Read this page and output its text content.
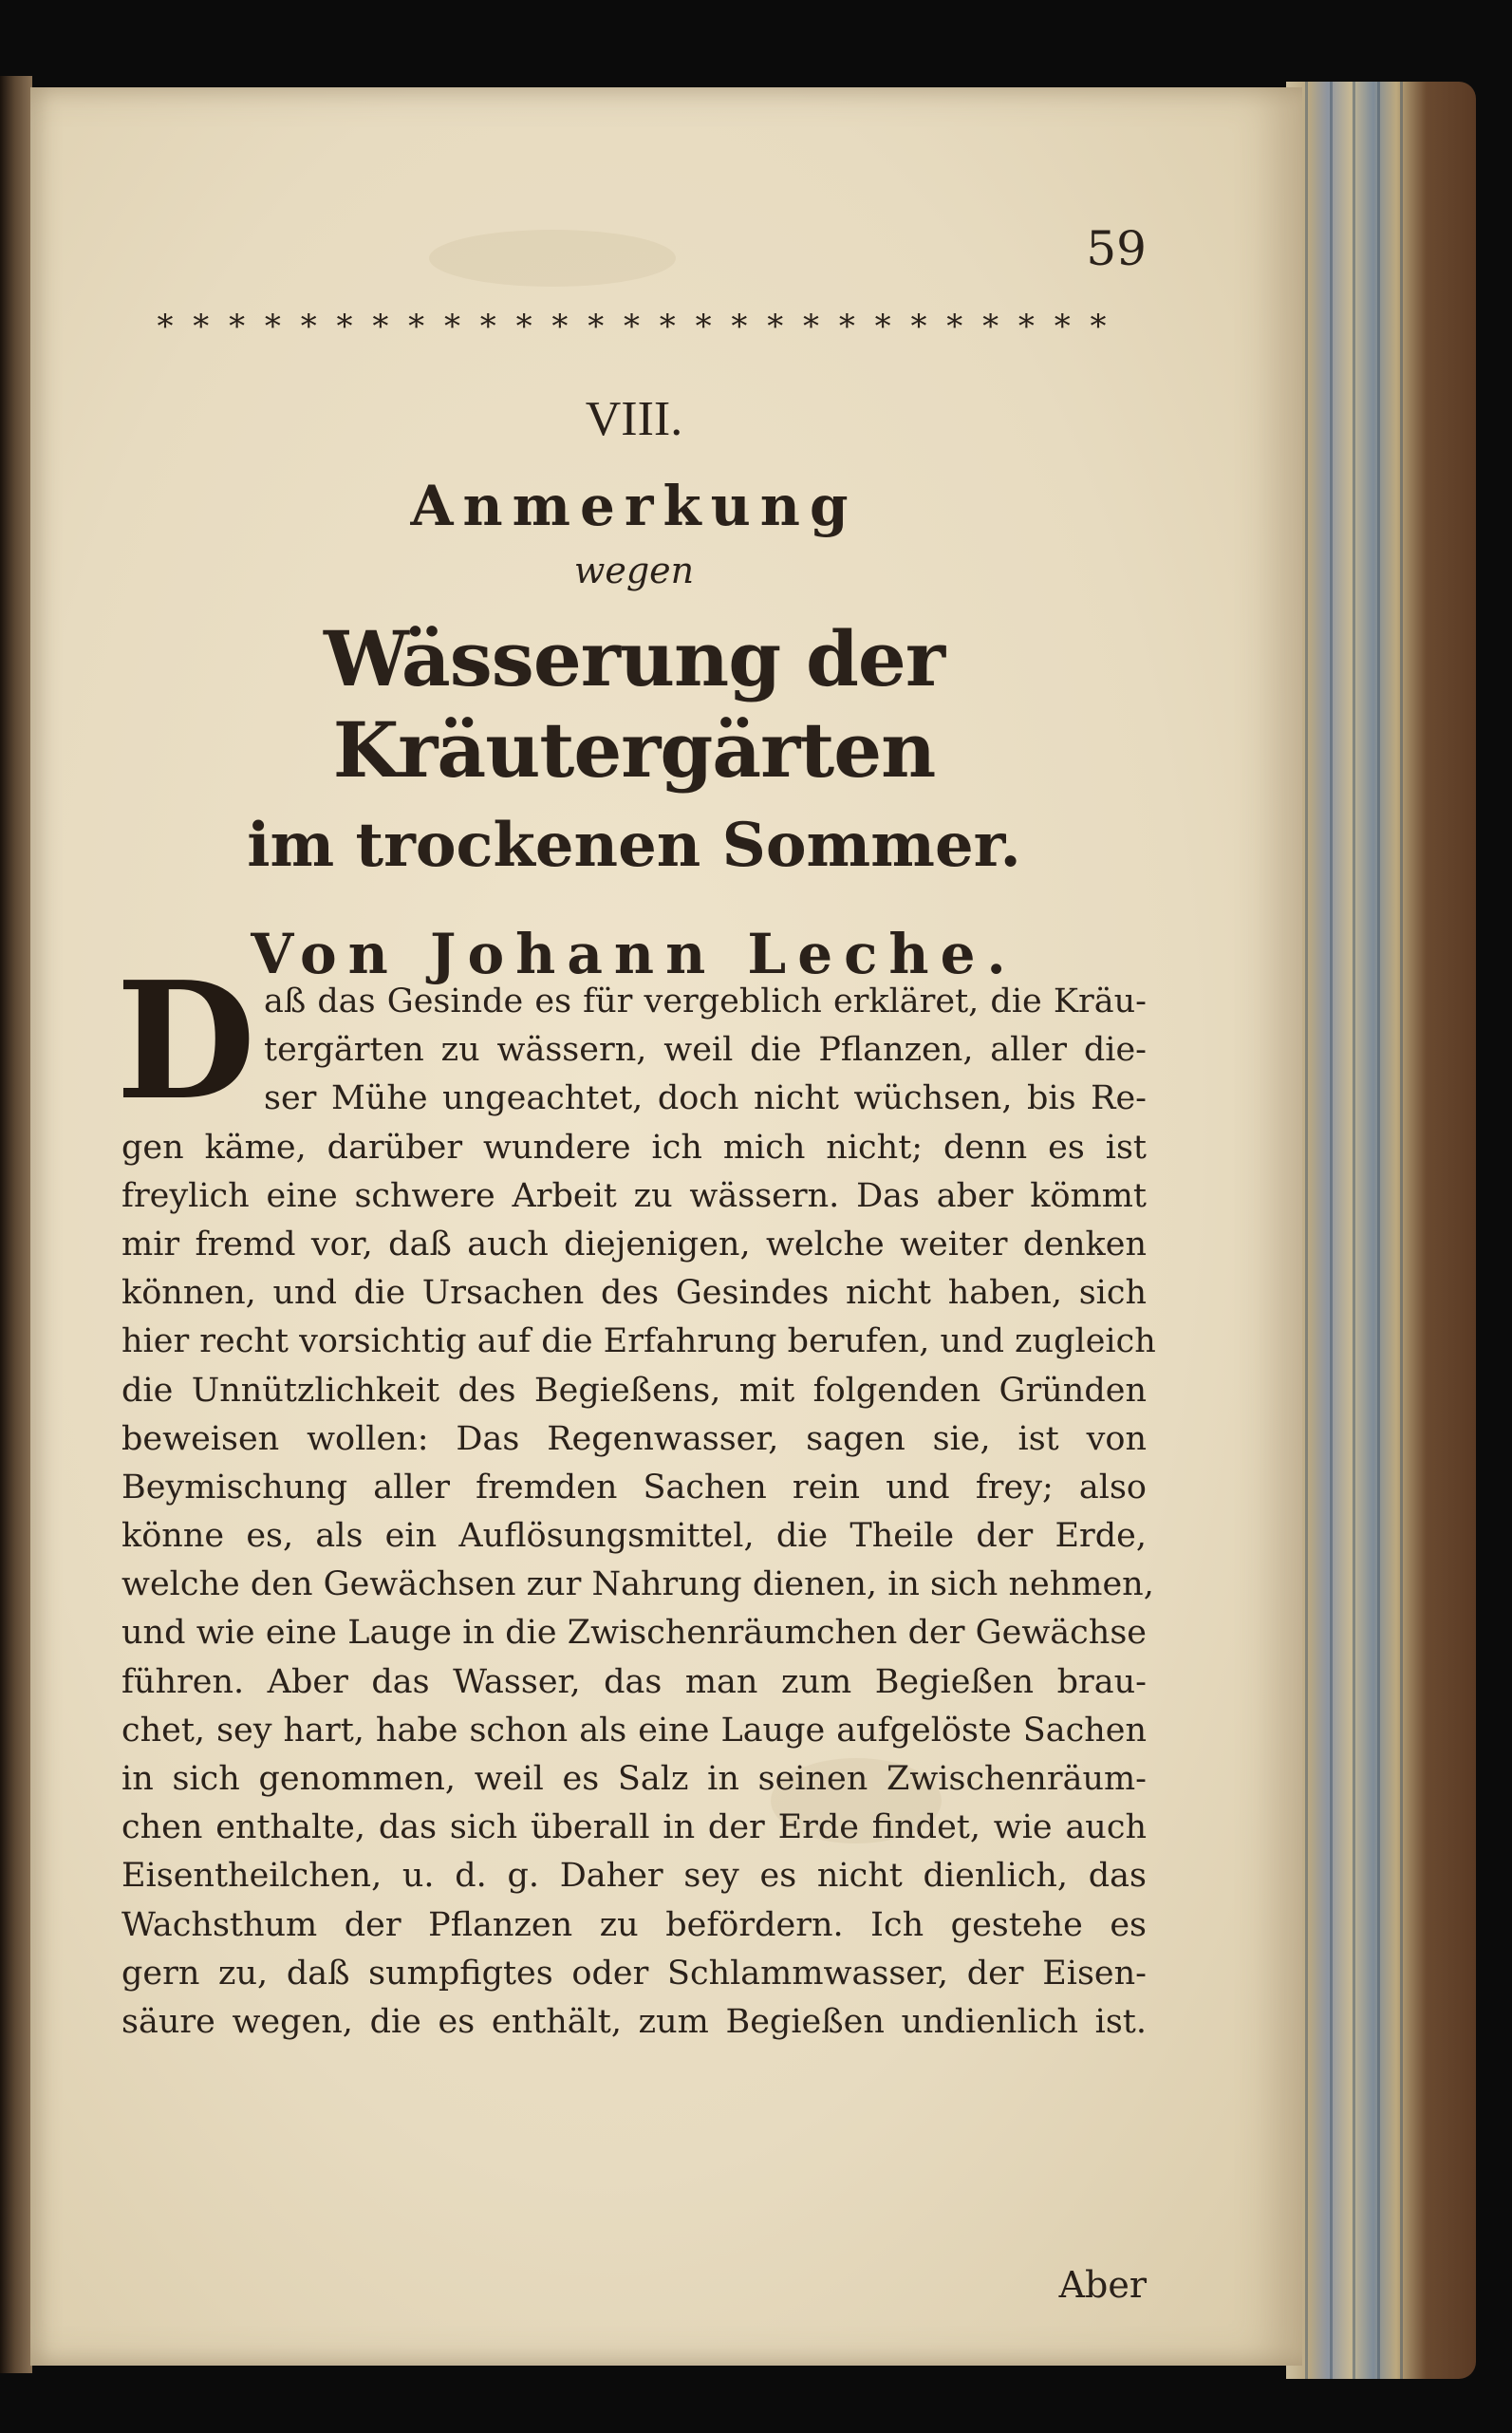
59

* * * * * * * * * * * * * * * * * * * * * * * * * * *

VIII.

Anmerkung

wegen

Wässerung der Kräutergärten

im trockenen Sommer.

Von Johann Leche.

D aß das Gesinde es für vergeblich erkläret, die Kräu-
tergärten zu wässern, weil die Pflanzen, aller die-
ser Mühe ungeachtet, doch nicht wüchsen, bis Re-
gen käme, darüber wundere ich mich nicht; denn es ist
freylich eine schwere Arbeit zu wässern. Das aber kömmt
mir fremd vor, daß auch diejenigen, welche weiter denken
können, und die Ursachen des Gesindes nicht haben, sich
hier recht vorsichtig auf die Erfahrung berufen, und zugleich
die Unnützlichkeit des Begießens, mit folgenden Gründen
beweisen wollen: Das Regenwasser, sagen sie, ist von
Beymischung aller fremden Sachen rein und frey; also
könne es, als ein Auflösungsmittel, die Theile der Erde,
welche den Gewächsen zur Nahrung dienen, in sich nehmen,
und wie eine Lauge in die Zwischenräumchen der Gewächse
führen. Aber das Wasser, das man zum Begießen brau-
chet, sey hart, habe schon als eine Lauge aufgelöste Sachen
in sich genommen, weil es Salz in seinen Zwischenräum-
chen enthalte, das sich überall in der Erde findet, wie auch
Eisentheilchen, u. d. g. Daher sey es nicht dienlich, das
Wachsthum der Pflanzen zu befördern. Ich gestehe es
gern zu, daß sumpfigtes oder Schlammwasser, der Eisen-
säure wegen, die es enthält, zum Begießen undienlich ist.

Aber
